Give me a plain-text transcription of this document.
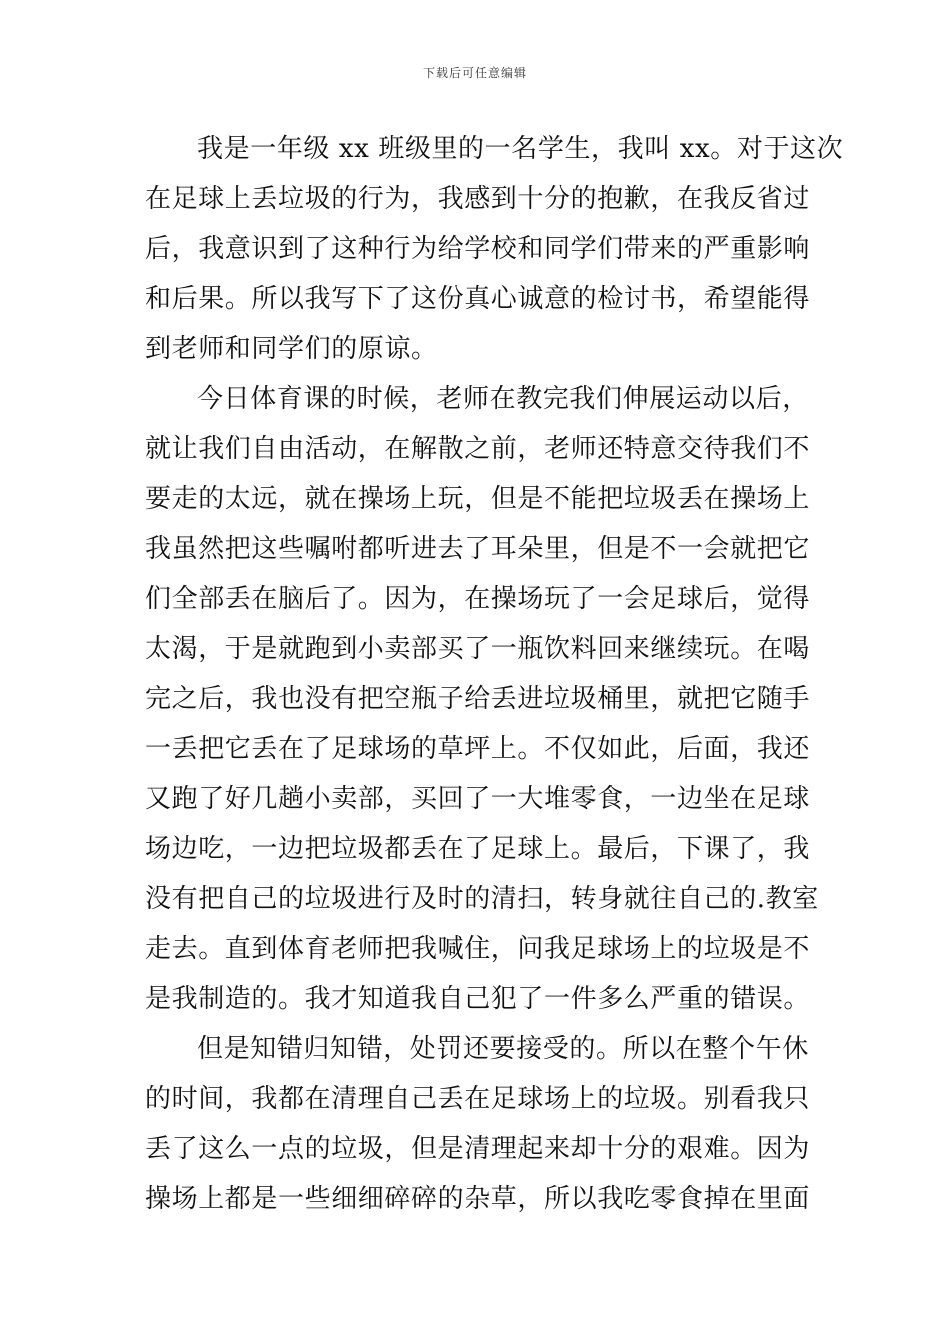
下载后可任意编辑
我是一年级 xx 班级里的一名学生，我叫 xx。对于这次
在足球上丢垃圾的行为，我感到十分的抱歉，在我反省过
后，我意识到了这种行为给学校和同学们带来的严重影响
和后果。所以我写下了这份真心诚意的检讨书，希望能得
到老师和同学们的原谅。
今日体育课的时候，老师在教完我们伸展运动以后，
就让我们自由活动，在解散之前，老师还特意交待我们不
要走的太远，就在操场上玩，但是不能把垃圾丢在操场上
我虽然把这些嘱咐都听进去了耳朵里，但是不一会就把它
们全部丢在脑后了。因为，在操场玩了一会足球后，觉得
太渴，于是就跑到小卖部买了一瓶饮料回来继续玩。在喝
完之后，我也没有把空瓶子给丢进垃圾桶里，就把它随手
一丢把它丢在了足球场的草坪上。不仅如此，后面，我还
又跑了好几趟小卖部，买回了一大堆零食，一边坐在足球
场边吃，一边把垃圾都丢在了足球上。最后，下课了，我
没有把自己的垃圾进行及时的清扫，转身就往自己的.教室
走去。直到体育老师把我喊住，问我足球场上的垃圾是不
是我制造的。我才知道我自己犯了一件多么严重的错误。
但是知错归知错，处罚还要接受的。所以在整个午休
的时间，我都在清理自己丢在足球场上的垃圾。别看我只
丢了这么一点的垃圾，但是清理起来却十分的艰难。因为
操场上都是一些细细碎碎的杂草，所以我吃零食掉在里面
